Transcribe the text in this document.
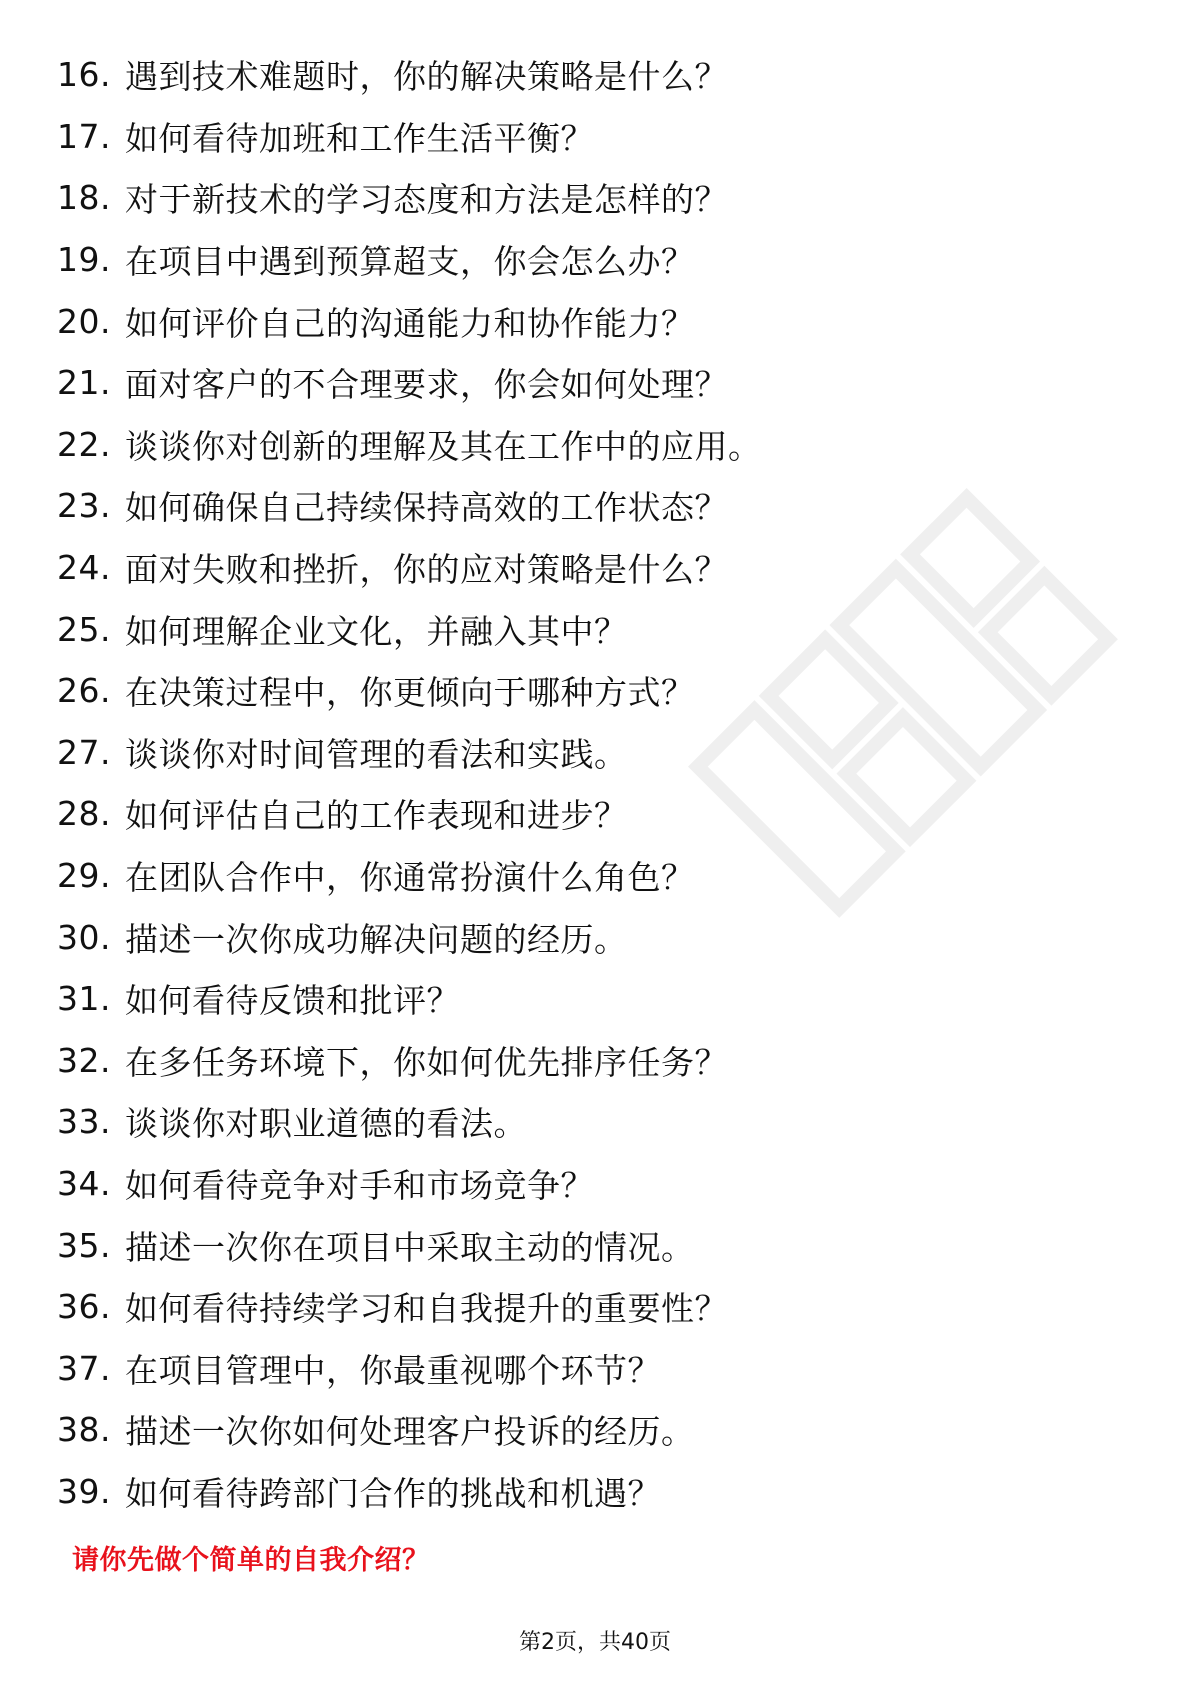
16. 遇到技术难题时，你的解决策略是什么？
17. 如何看待加班和工作生活平衡？
18. 对于新技术的学习态度和方法是怎样的？
19. 在项目中遇到预算超支，你会怎么办？
20. 如何评价自己的沟通能力和协作能力？
21. 面对客户的不合理要求，你会如何处理？
22. 谈谈你对创新的理解及其在工作中的应用。
23. 如何确保自己持续保持高效的工作状态？
24. 面对失败和挫折，你的应对策略是什么？
25. 如何理解企业文化，并融入其中？
26. 在决策过程中，你更倾向于哪种方式？
27. 谈谈你对时间管理的看法和实践。
28. 如何评估自己的工作表现和进步？
29. 在团队合作中，你通常扮演什么角色？
30. 描述一次你成功解决问题的经历。
31. 如何看待反馈和批评？
32. 在多任务环境下，你如何优先排序任务？
33. 谈谈你对职业道德的看法。
34. 如何看待竞争对手和市场竞争？
35. 描述一次你在项目中采取主动的情况。
36. 如何看待持续学习和自我提升的重要性？
37. 在项目管理中，你最重视哪个环节？
38. 描述一次你如何处理客户投诉的经历。
39. 如何看待跨部门合作的挑战和机遇？
请你先做个简单的自我介绍？
第2页，共40页
